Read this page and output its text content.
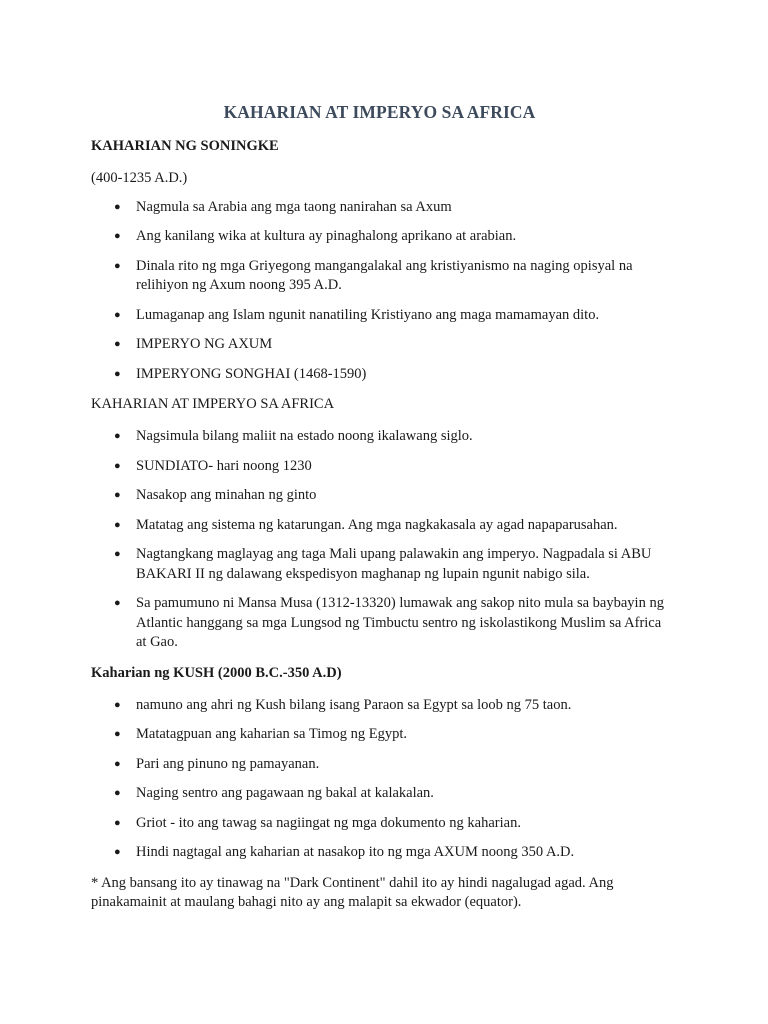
KAHARIAN AT IMPERYO SA AFRICA
KAHARIAN NG SONINGKE
(400-1235 A.D.)
● Nagmula sa Arabia ang mga taong nanirahan sa Axum
● Ang kanilang wika at kultura ay pinaghalong aprikano at arabian.
● Dinala rito ng mga Griyegong mangangalakal ang kristiyanismo na naging opisyal na relihiyon ng Axum noong 395 A.D.
● Lumaganap ang Islam ngunit nanatiling Kristiyano ang maga mamamayan dito.
● IMPERYO NG AXUM
● IMPERYONG SONGHAI (1468-1590)
KAHARIAN AT IMPERYO SA AFRICA
● Nagsimula bilang maliit na estado noong ikalawang siglo.
● SUNDIATO- hari noong 1230
● Nasakop ang minahan ng ginto
● Matatag ang sistema ng katarungan. Ang mga nagkakasala ay agad napaparusahan.
● Nagtangkang maglayag ang taga Mali upang palawakin ang imperyo. Nagpadala si ABU BAKARI II ng dalawang ekspedisyon maghanap ng lupain ngunit nabigo sila.
● Sa pamumuno ni Mansa Musa (1312-13320) lumawak ang sakop nito mula sa baybayin ng Atlantic hanggang sa mga Lungsod ng Timbuctu sentro ng iskolastikong Muslim sa Africa at Gao.
Kaharian ng KUSH (2000 B.C.-350 A.D)
● namuno ang ahri ng Kush bilang isang Paraon sa Egypt sa loob ng 75 taon.
● Matatagpuan ang kaharian sa Timog ng Egypt.
● Pari ang pinuno ng pamayanan.
● Naging sentro ang pagawaan ng bakal at kalakalan.
● Griot - ito ang tawag sa nagiingat ng mga dokumento ng kaharian.
● Hindi nagtagal ang kaharian at nasakop ito ng mga AXUM noong 350 A.D.

* Ang bansang ito ay tinawag na "Dark Continent" dahil ito ay hindi nagalugad agad. Ang pinakamainit at maulang bahagi nito ay ang malapit sa ekwador (equator).
